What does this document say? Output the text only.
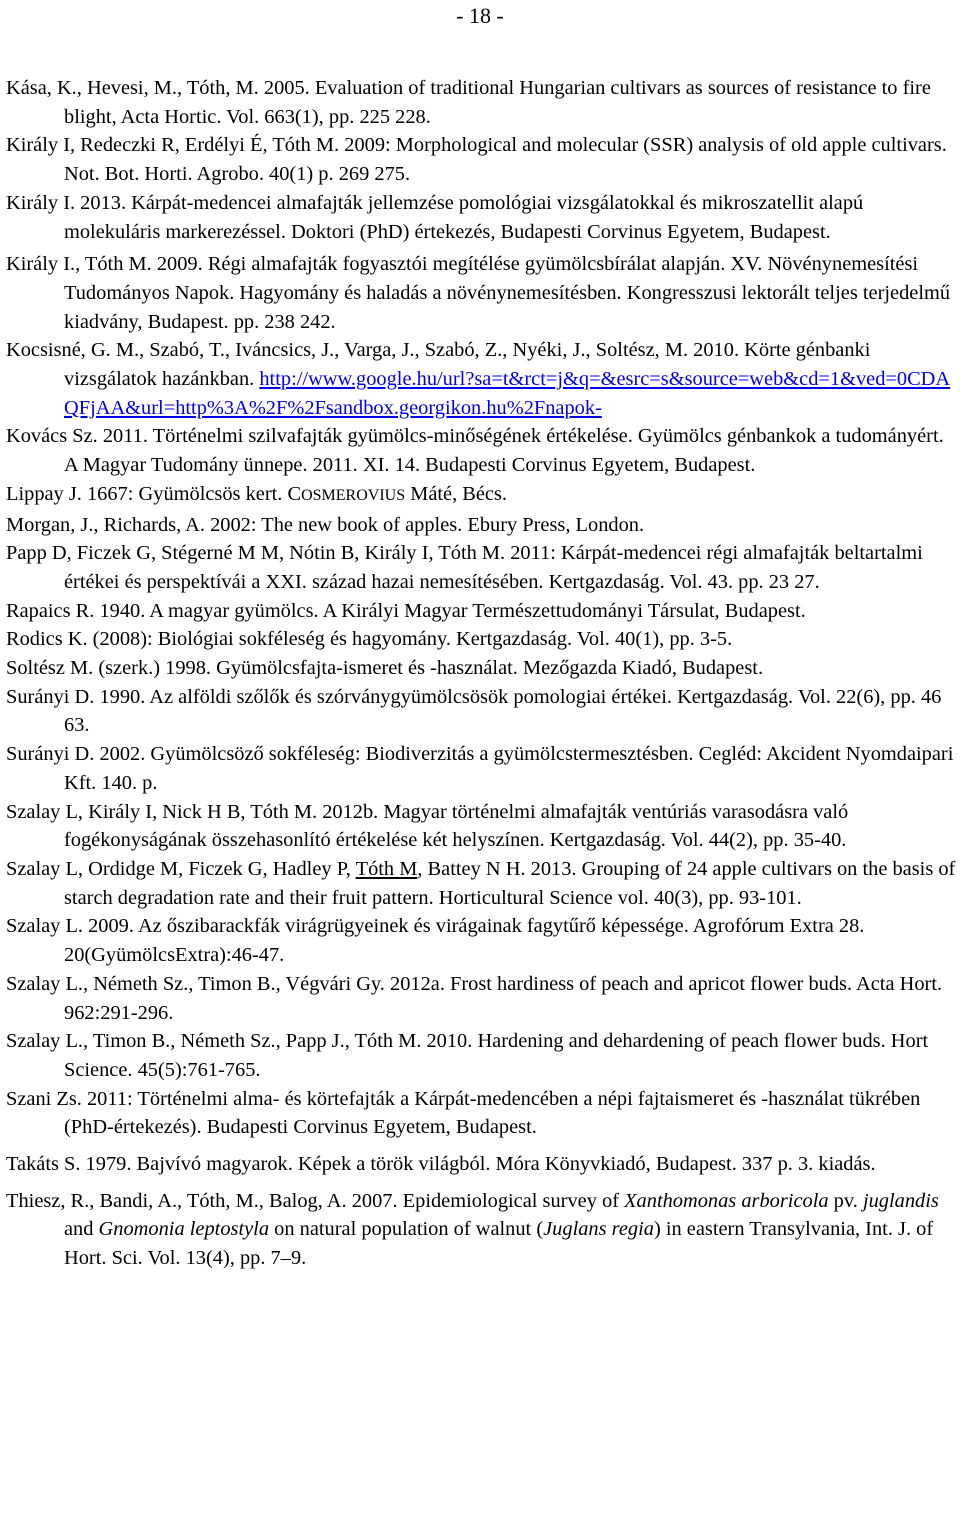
- 18 -

Kása, K., Hevesi, M., Tóth, M. 2005. Evaluation of traditional Hungarian cultivars as sources of resistance to fire blight, Acta Hortic. Vol. 663(1), pp. 225 228.

Király I, Redeczki R, Erdélyi É, Tóth M. 2009: Morphological and molecular (SSR) analysis of old apple cultivars. Not. Bot. Horti. Agrobo. 40(1) p. 269 275.

Király I. 2013. Kárpát-medencei almafajták jellemzése pomológiai vizsgálatokkal és mikroszatellit alapú molekuláris markerezéssel. Doktori (PhD) értekezés, Budapesti Corvinus Egyetem, Budapest.

Király I., Tóth M. 2009. Régi almafajták fogyasztói megítélése gyümölcsbírálat alapján. XV. Növénynemesítési Tudományos Napok. Hagyomány és haladás a növénynemesítésben. Kongresszusi lektorált teljes terjedelmű kiadvány, Budapest. pp. 238 242.

Kocsisné, G. M., Szabó, T., Iváncsics, J., Varga, J., Szabó, Z., Nyéki, J., Soltész, M. 2010. Körte génbanki vizsgálatok hazánkban. http://www.google.hu/url?sa=t&rct=j&q=&esrc=s&source=web&cd=1&ved=0CDAQFjAA&url=http%3A%2F%2Fsandbox.georgikon.hu%2Fnapok-

Kovács Sz. 2011. Történelmi szilvafajták gyümölcs-minőségének értékelése. Gyümölcs génbankok a tudományért. A Magyar Tudomány ünnepe. 2011. XI. 14. Budapesti Corvinus Egyetem, Budapest.

Lippay J. 1667: Gyümölcsös kert. COSMEROVIUS Máté, Bécs.

Morgan, J., Richards, A. 2002: The new book of apples. Ebury Press, London.

Papp D, Ficzek G, Stégerné M M, Nótin B, Király I, Tóth M. 2011: Kárpát-medencei régi almafajták beltartalmi értékei és perspektívái a XXI. század hazai nemesítésében. Kertgazdaság. Vol. 43. pp. 23 27.

Rapaics R. 1940. A magyar gyümölcs. A Királyi Magyar Természettudományi Társulat, Budapest.

Rodics K. (2008): Biológiai sokféleség és hagyomány. Kertgazdaság. Vol. 40(1), pp. 3-5.

Soltész M. (szerk.) 1998. Gyümölcsfajta-ismeret és -használat. Mezőgazda Kiadó, Budapest.

Surányi D. 1990. Az alföldi szőlők és szórványgyümölcsösök pomologiai értékei. Kertgazdaság. Vol. 22(6), pp. 46 63.

Surányi D. 2002. Gyümölcsöző sokféleség: Biodiverzitás a gyümölcstermesztésben. Cegléd: Akcident Nyomdaipari Kft. 140. p.

Szalay L, Király I, Nick H B, Tóth M. 2012b. Magyar történelmi almafajták ventúriás varasodásra való fogékonyságának összehasonlító értékelése két helyszínen. Kertgazdaság. Vol. 44(2), pp. 35-40.

Szalay L, Ordidge M, Ficzek G, Hadley P, Tóth M, Battey N H. 2013. Grouping of 24 apple cultivars on the basis of starch degradation rate and their fruit pattern. Horticultural Science vol. 40(3), pp. 93-101.

Szalay L. 2009. Az őszibarackfák virágrügyeinek és virágainak fagytűrő képessége. Agrofórum Extra 28. 20(GyümölcsExtra):46-47.

Szalay L., Németh Sz., Timon B., Végvári Gy. 2012a. Frost hardiness of peach and apricot flower buds. Acta Hort. 962:291-296.

Szalay L., Timon B., Németh Sz., Papp J., Tóth M. 2010. Hardening and dehardening of peach flower buds. Hort Science. 45(5):761-765.

Szani Zs. 2011: Történelmi alma- és körtefajták a Kárpát-medencében a népi fajtaismeret és -használat tükrében (PhD-értekezés). Budapesti Corvinus Egyetem, Budapest.

Takáts S. 1979. Bajvívó magyarok. Képek a török világból. Móra Könyvkiadó, Budapest. 337 p. 3. kiadás.

Thiesz, R., Bandi, A., Tóth, M., Balog, A. 2007. Epidemiological survey of Xanthomonas arboricola pv. juglandis and Gnomonia leptostyla on natural population of walnut (Juglans regia) in eastern Transylvania, Int. J. of Hort. Sci. Vol. 13(4), pp. 7–9.
